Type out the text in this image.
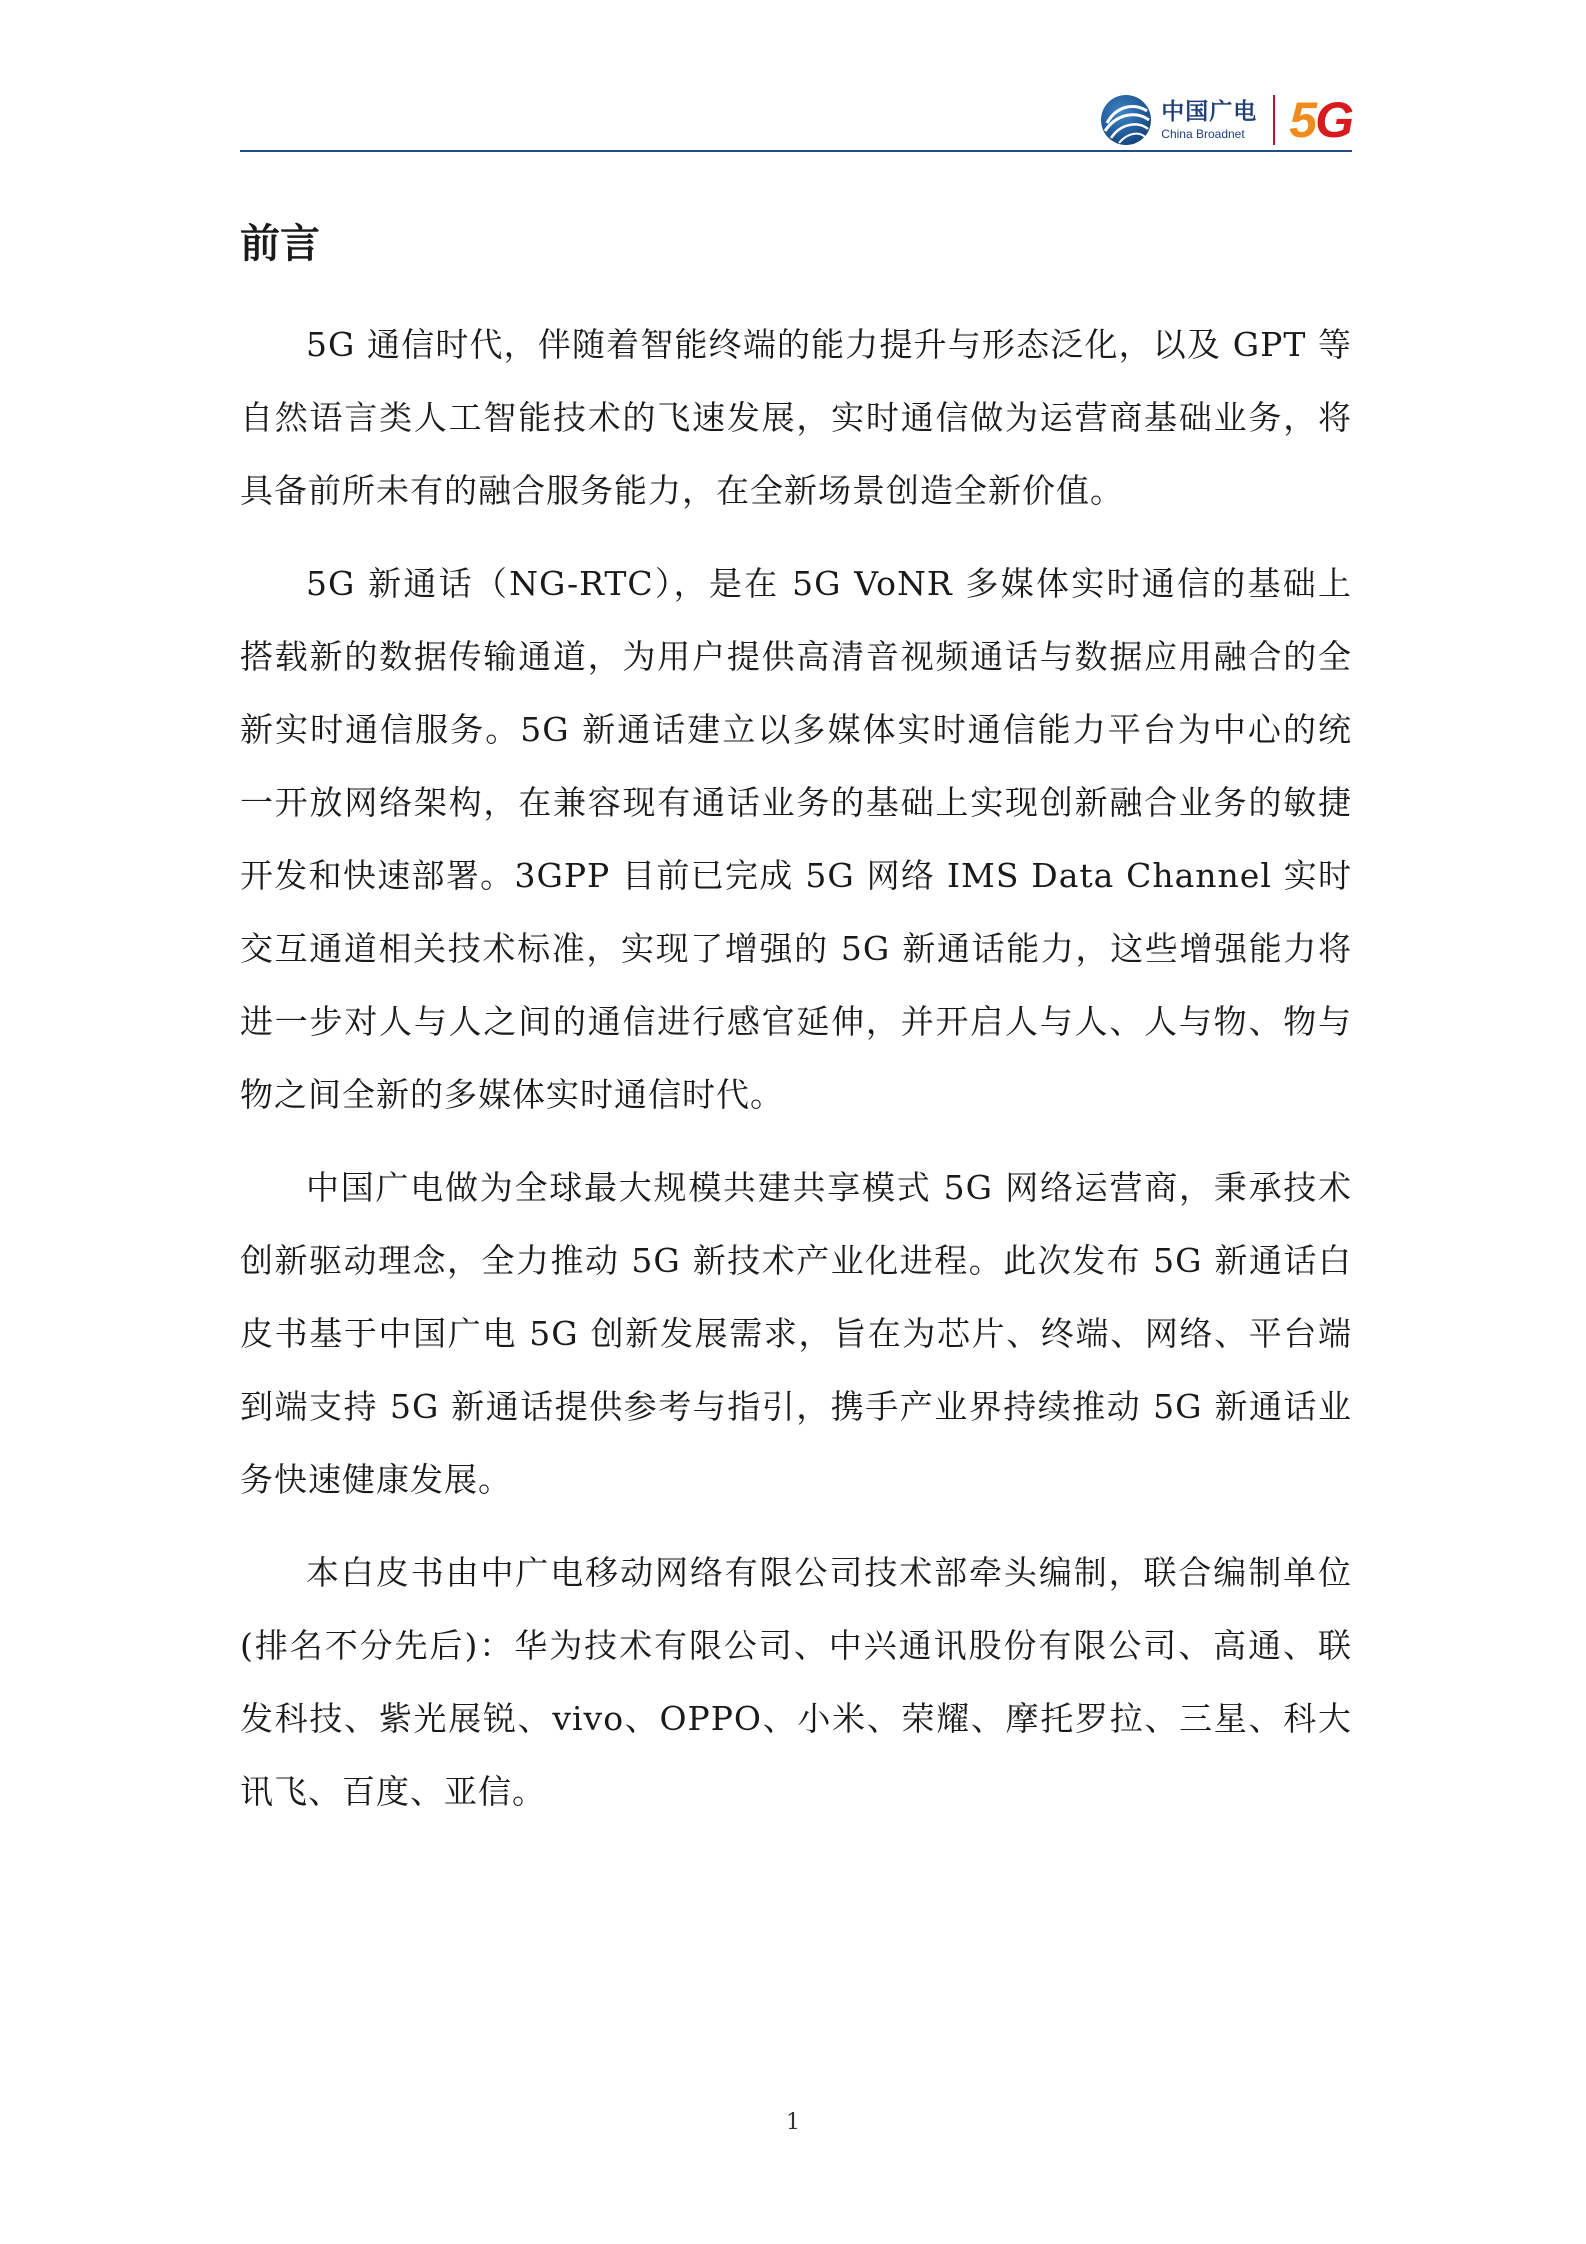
中国广电
China Broadnet 5G
前言

5G 通信时代，伴随着智能终端的能力提升与形态泛化，以及 GPT 等自然语言类人工智能技术的飞速发展，实时通信做为运营商基础业务，将具备前所未有的融合服务能力，在全新场景创造全新价值。

5G 新通话（NG-RTC），是在 5G VoNR 多媒体实时通信的基础上搭载新的数据传输通道，为用户提供高清音视频通话与数据应用融合的全新实时通信服务。5G 新通话建立以多媒体实时通信能力平台为中心的统一开放网络架构，在兼容现有通话业务的基础上实现创新融合业务的敏捷开发和快速部署。3GPP 目前已完成 5G 网络 IMS Data Channel 实时交互通道相关技术标准，实现了增强的 5G 新通话能力，这些增强能力将进一步对人与人之间的通信进行感官延伸，并开启人与人、人与物、物与物之间全新的多媒体实时通信时代。

中国广电做为全球最大规模共建共享模式 5G 网络运营商，秉承技术创新驱动理念，全力推动 5G 新技术产业化进程。此次发布 5G 新通话白皮书基于中国广电 5G 创新发展需求，旨在为芯片、终端、网络、平台端到端支持 5G 新通话提供参考与指引，携手产业界持续推动 5G 新通话业务快速健康发展。

本白皮书由中广电移动网络有限公司技术部牵头编制，联合编制单位(排名不分先后)：华为技术有限公司、中兴通讯股份有限公司、高通、联发科技、紫光展锐、vivo、OPPO、小米、荣耀、摩托罗拉、三星、科大讯飞、百度、亚信。

1
